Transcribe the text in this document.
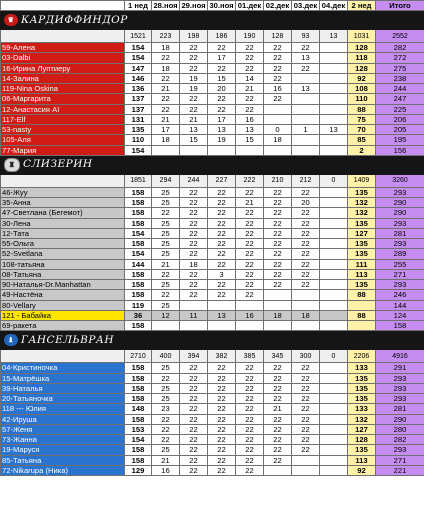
	1 нед	28.ноя	29.ноя	30.ноя	01.дек	02.дек	03.дек	04.дек	2 нед	Итого
♛ КАРДИФФИНДОР										
	1521	223	198	186	190	128	93	13	1031	2552
59-Алена	154	18	22	22	22	22	22		128	282
03-Dalbi	154	22	22	17	22	22	13		118	272
16-Ирина Луптиеру	147	18	22	22	22	22	22		128	275
14-Залина	146	22	19	15	14	22			92	238
119-Nina Oskina	136	21	19	20	21	16	13		108	244
06-Маргарита	137	22	22	22	22	22			110	247
12-Анастасия Аї	137	22	22	22	22				88	225
117-Elf	131	21	21	17	16				75	206
53-nasty	135	17	13	13	13	0	1	13	70	205
105-Аля	110	18	15	19	15	18			85	195
77-Мария	154								2	156
♜ СЛИЗЕРИН										
	1851	294	244	227	222	210	212	0	1409	3260
46-Жуу	158	25	22	22	22	22	22		135	293
35-Анна	158	25	22	22	21	22	20		132	290
47-Светлана (Бегемот)	158	22	22	22	22	22	22		132	290
30-Лена	158	25	22	22	22	22	22		135	293
12-Тата	154	25	22	22	22	22	22		127	281
55-Ольга	158	25	22	22	22	22	22		135	293
52-Svetlana	154	25	22	22	22	22	22		135	289
108-татьяна	144	21	18	22	22	22	22		111	255
08-Татьяна	158	22	22	3	22	22	22		113	271
90-Наталья-Dr.Manhattan	158	25	22	22	22	22	22		135	293
49-Настёна	158	22	22	22	22				88	246
80-Vellary	119	25								144
121 - Бабайка	36	12	11	13	16	18	18		88	124
69-ракета	158									158
♝ ГАНСЕЛЬВРАН										
	2710	400	394	382	385	345	300	0	2206	4916
04-Кристиночка	158	25	22	22	22	22	22		133	291
15-Матрёшка	158	22	22	22	22	22	22		135	293
39-Наталья	158	25	22	22	22	22	22		135	293
20-Татьяночка	158	25	22	22	22	22	22		135	293
118 --- Юлия	148	23	22	22	22	21	22		133	281
42-Ируша	158	22	22	22	22	22	22		132	290
57-Женя	153	22	22	22	22	22	22		127	280
73-Жанна	154	22	22	22	22	22	22		128	282
19-Маруся	158	25	22	22	22	22	22		135	293
85-Татьяна	158	21	22	22	22	22			113	271
72-Nikarupa (Ника)	129	16	22	22	22				92	221
